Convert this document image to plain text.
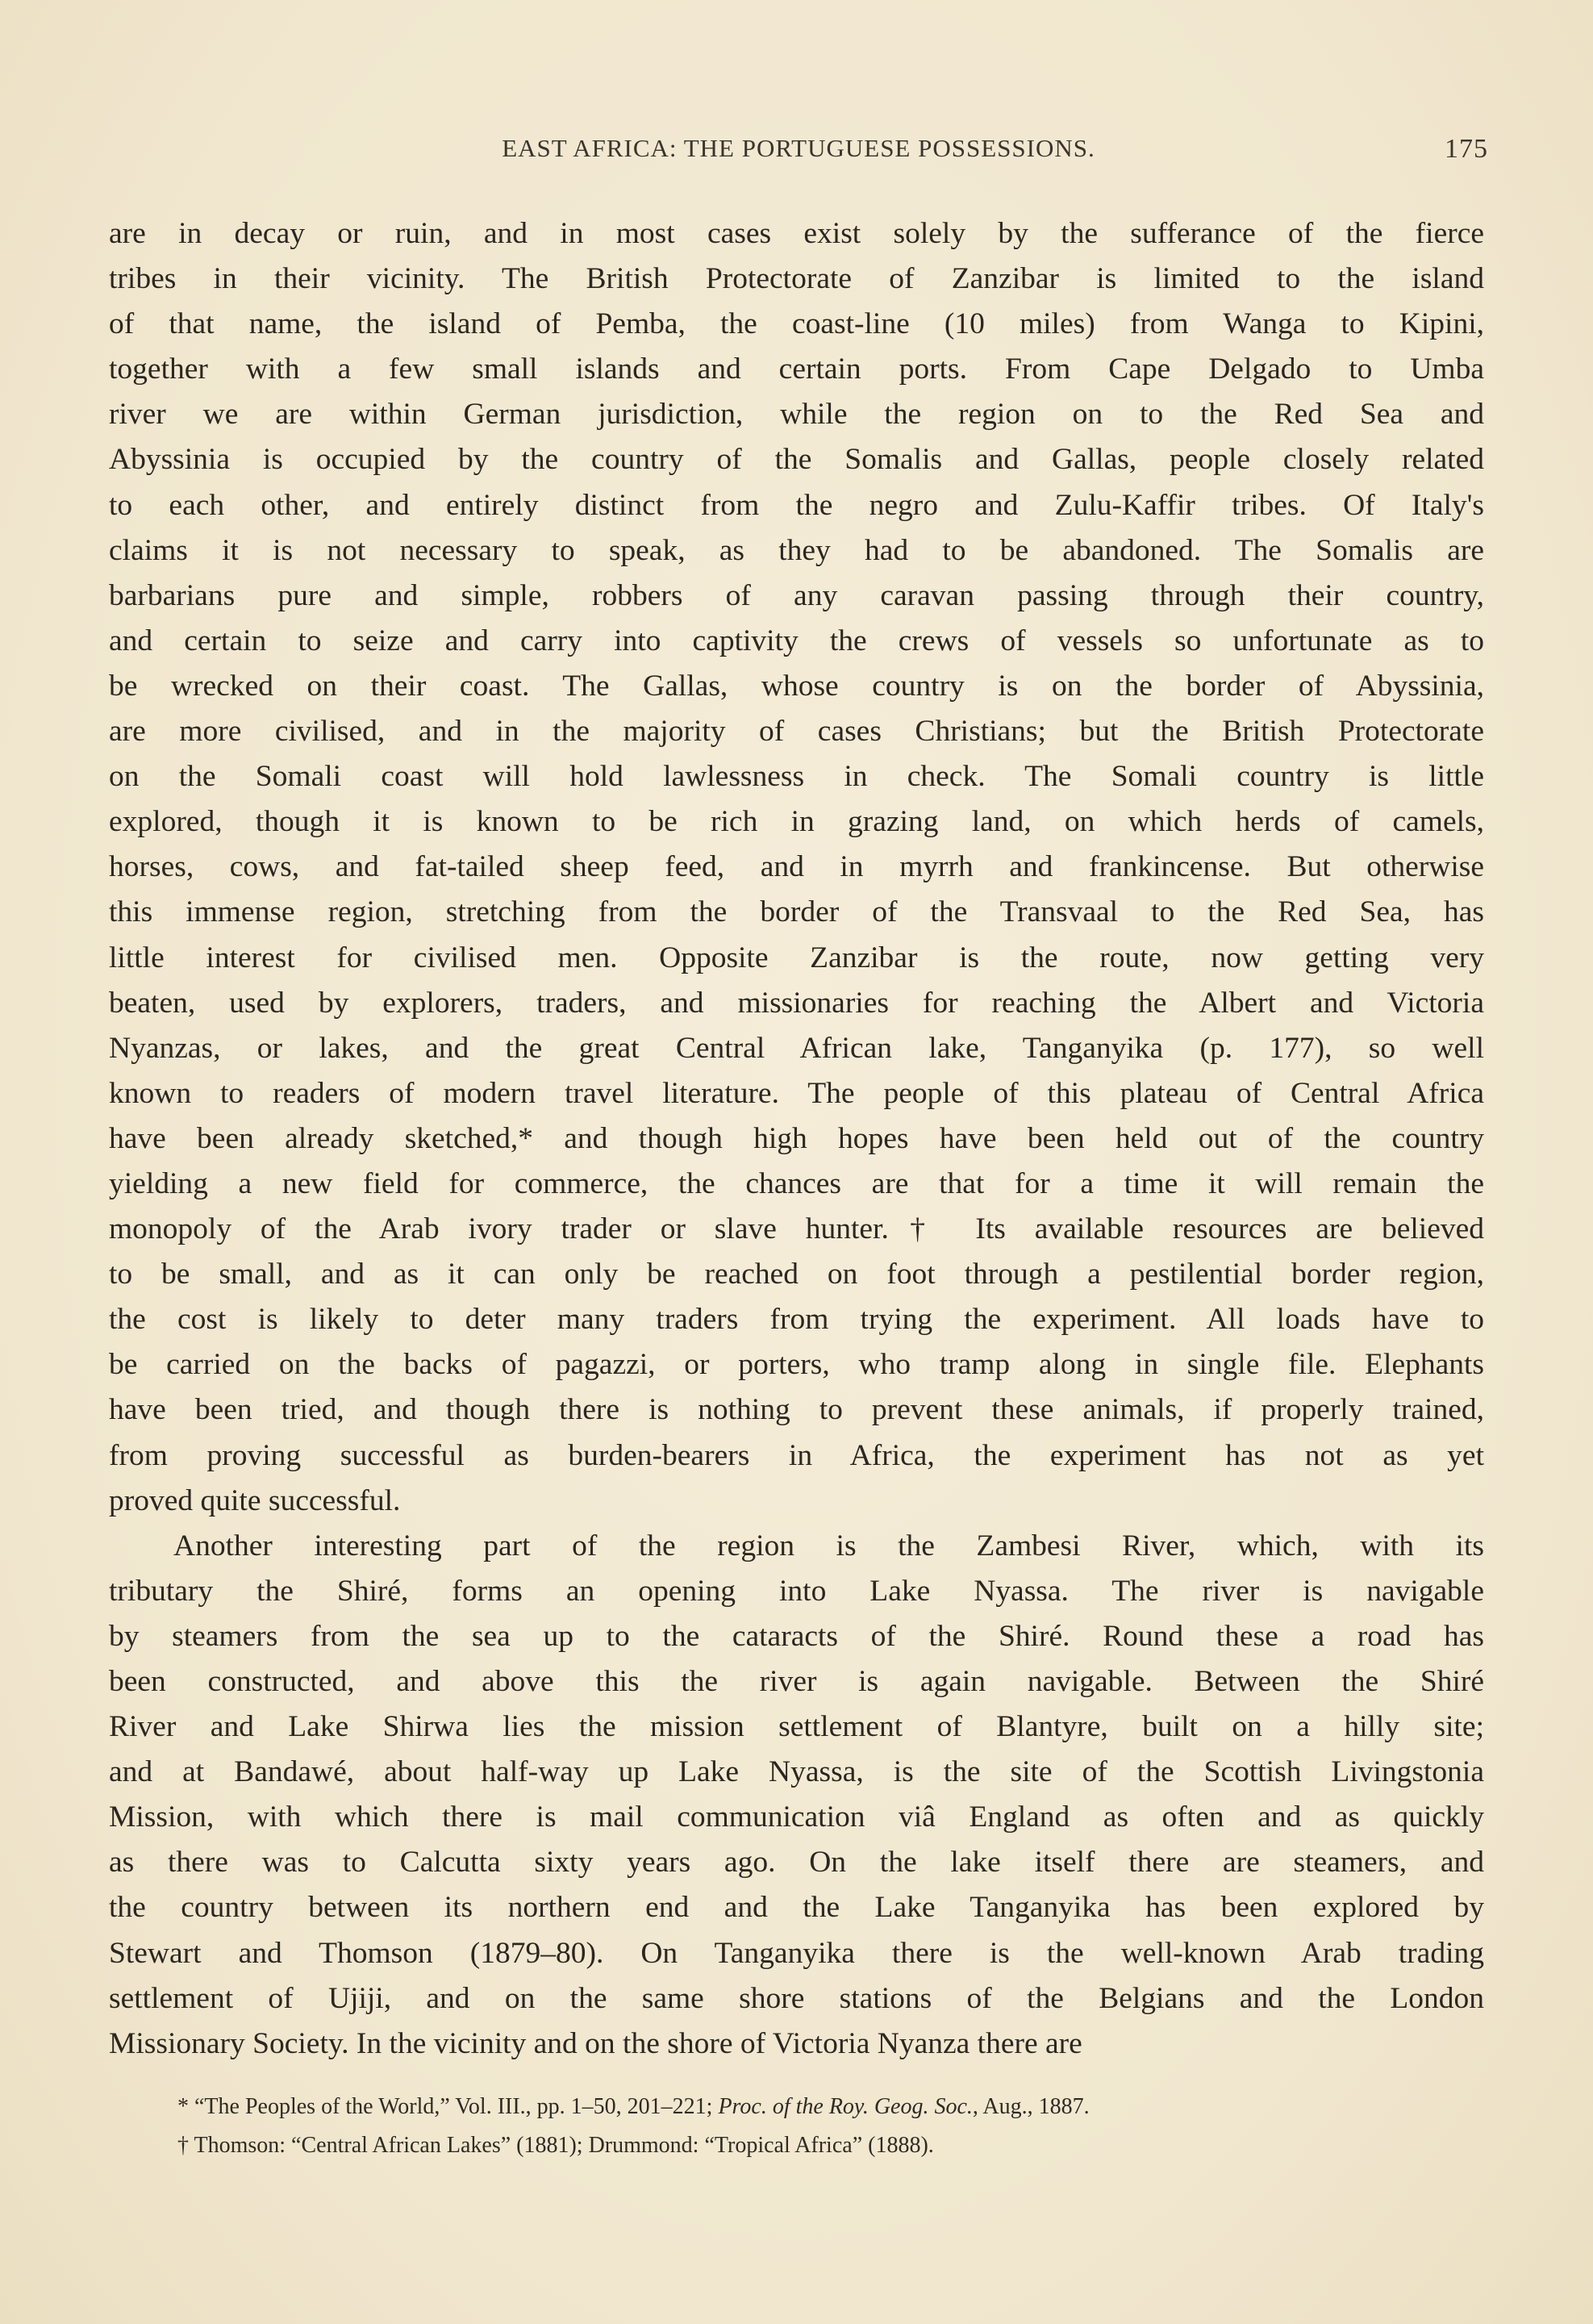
EAST AFRICA: THE PORTUGUESE POSSESSIONS.	175
are in decay or ruin, and in most cases exist solely by the sufferance of the fierce
tribes in their vicinity. The British Protectorate of Zanzibar is limited to the island
of that name, the island of Pemba, the coast-line (10 miles) from Wanga to Kipini,
together with a few small islands and certain ports. From Cape Delgado to Umba
river we are within German jurisdiction, while the region on to the Red Sea and
Abyssinia is occupied by the country of the Somalis and Gallas, people closely related
to each other, and entirely distinct from the negro and Zulu-Kaffir tribes. Of Italy's
claims it is not necessary to speak, as they had to be abandoned. The Somalis are
barbarians pure and simple, robbers of any caravan passing through their country,
and certain to seize and carry into captivity the crews of vessels so unfortunate as to
be wrecked on their coast. The Gallas, whose country is on the border of Abyssinia,
are more civilised, and in the majority of cases Christians; but the British Protectorate
on the Somali coast will hold lawlessness in check. The Somali country is little
explored, though it is known to be rich in grazing land, on which herds of camels,
horses, cows, and fat-tailed sheep feed, and in myrrh and frankincense. But otherwise
this immense region, stretching from the border of the Transvaal to the Red Sea, has
little interest for civilised men. Opposite Zanzibar is the route, now getting very
beaten, used by explorers, traders, and missionaries for reaching the Albert and Victoria
Nyanzas, or lakes, and the great Central African lake, Tanganyika (p. 177), so well
known to readers of modern travel literature. The people of this plateau of Central Africa
have been already sketched,* and though high hopes have been held out of the country
yielding a new field for commerce, the chances are that for a time it will remain the
monopoly of the Arab ivory trader or slave hunter.† Its available resources are believed
to be small, and as it can only be reached on foot through a pestilential border region,
the cost is likely to deter many traders from trying the experiment. All loads have to
be carried on the backs of pagazzi, or porters, who tramp along in single file. Elephants
have been tried, and though there is nothing to prevent these animals, if properly trained,
from proving successful as burden-bearers in Africa, the experiment has not as yet
proved quite successful.
Another interesting part of the region is the Zambesi River, which, with its
tributary the Shiré, forms an opening into Lake Nyassa. The river is navigable
by steamers from the sea up to the cataracts of the Shiré. Round these a road has
been constructed, and above this the river is again navigable. Between the Shiré
River and Lake Shirwa lies the mission settlement of Blantyre, built on a hilly site;
and at Bandawé, about half-way up Lake Nyassa, is the site of the Scottish Livingstonia
Mission, with which there is mail communication viâ England as often and as quickly
as there was to Calcutta sixty years ago. On the lake itself there are steamers, and
the country between its northern end and the Lake Tanganyika has been explored by
Stewart and Thomson (1879–80). On Tanganyika there is the well-known Arab trading
settlement of Ujiji, and on the same shore stations of the Belgians and the London
Missionary Society. In the vicinity and on the shore of Victoria Nyanza there are
* “The Peoples of the World,” Vol. III., pp. 1–50, 201–221; Proc. of the Roy. Geog. Soc., Aug., 1887.
† Thomson: “Central African Lakes” (1881); Drummond: “Tropical Africa” (1888).
